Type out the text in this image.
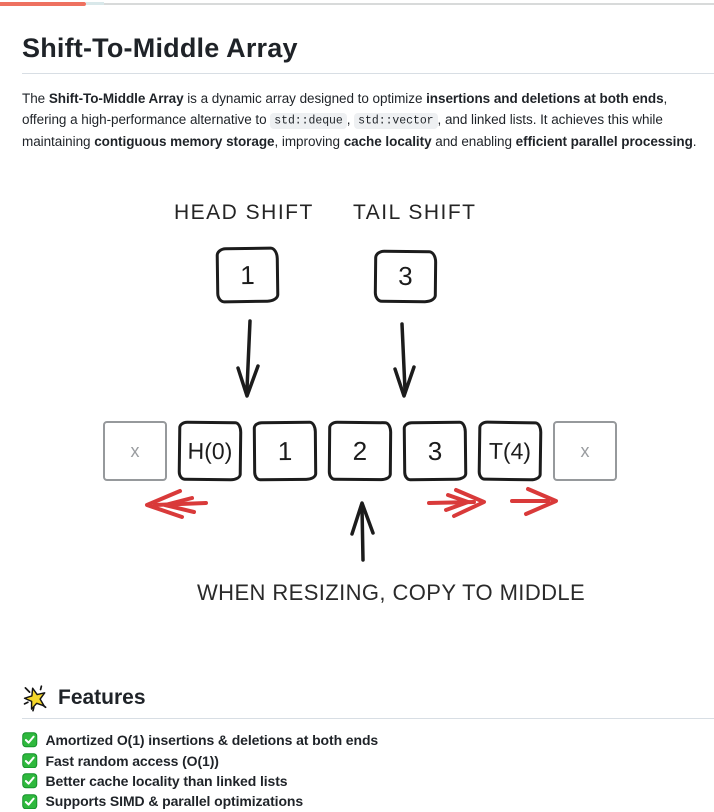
Shift-To-Middle Array

The Shift-To-Middle Array is a dynamic array designed to optimize insertions and deletions at both ends, offering a high-performance alternative to std::deque , std::vector , and linked lists. It achieves this while maintaining contiguous memory storage, improving cache locality and enabling efficient parallel processing.

HEAD SHIFT TAIL SHIFT
1	3
x H(0) 1 2 3 T(4)	x
WHEN RESIZING, COPY TO MIDDLE
Features
Amortized O(1) insertions & deletions at both ends
Fast random access (O(1))
Better cache locality than linked lists
Supports SIMD & parallel optimizations
